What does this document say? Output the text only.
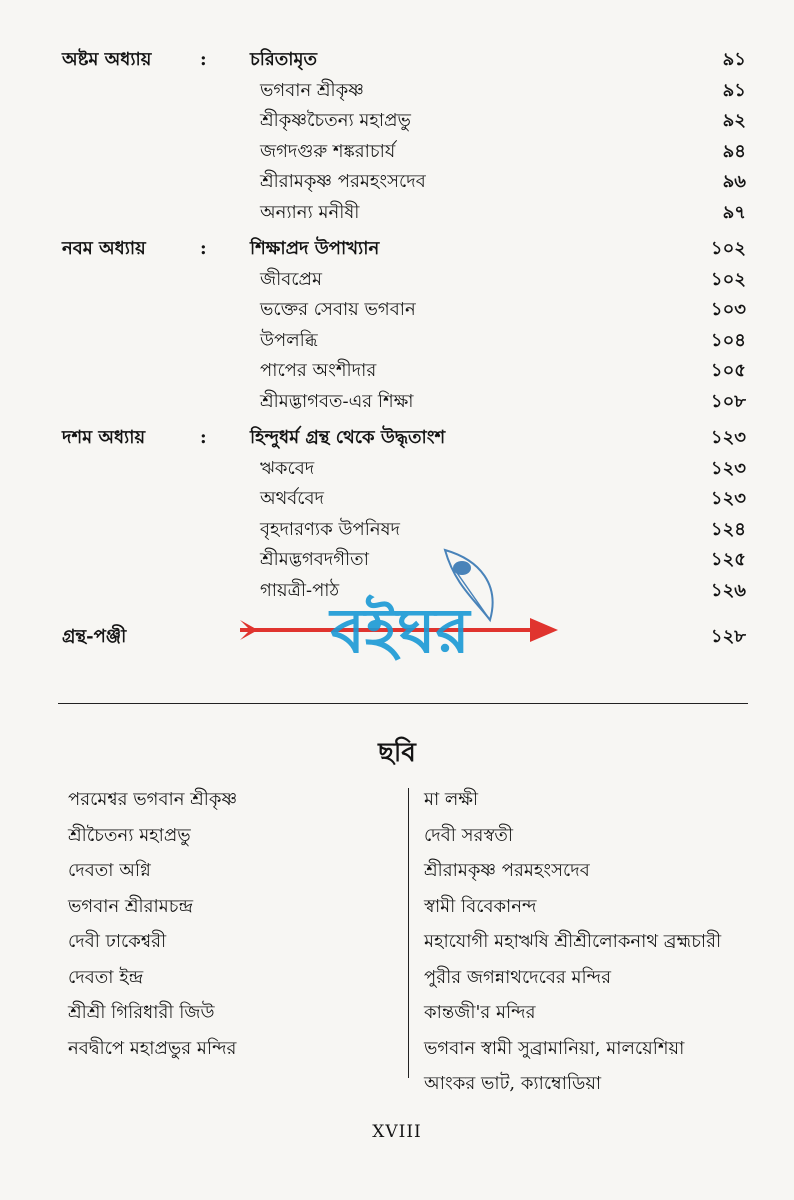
অষ্টম অধ্যায়	: চরিতামৃত	৯১
ভগবান শ্রীকৃষ্ণ	৯১
শ্রীকৃষ্ণচৈতন্য মহাপ্রভু	৯২
জগদগুরু শঙ্করাচার্য	৯৪
শ্রীরামকৃষ্ণ পরমহংসদেব	৯৬
অন্যান্য মনীষী	৯৭
নবম অধ্যায়	: শিক্ষাপ্রদ উপাখ্যান	১০২
জীবপ্রেম	১০২
ভক্তের সেবায় ভগবান	১০৩
উপলব্ধি	১০৪
পাপের অংশীদার	১০৫
শ্রীমদ্ভাগবত-এর শিক্ষা	১০৮
দশম অধ্যায়	: হিন্দুধর্ম গ্রন্থ থেকে উদ্ধৃতাংশ	১২৩
ঋকবেদ	১২৩
অথর্ববেদ	১২৩
বৃহদারণ্যক উপনিষদ	১২৪
শ্রীমদ্ভগবদগীতা	১২৫
গায়ত্রী-পাঠ	১২৬
গ্রন্থ-পঞ্জী	১২৮
ছবি
পরমেশ্বর ভগবান শ্রীকৃষ্ণ
শ্রীচৈতন্য মহাপ্রভু
দেবতা অগ্নি
ভগবান শ্রীরামচন্দ্র
দেবী ঢাকেশ্বরী
দেবতা ইন্দ্র
শ্রীশ্রী গিরিধারী জিউ
নবদ্বীপে মহাপ্রভুর মন্দির
মা লক্ষী
দেবী সরস্বতী
শ্রীরামকৃষ্ণ পরমহংসদেব
স্বামী বিবেকানন্দ
মহাযোগী মহাঋষি শ্রীশ্রীলোকনাথ ব্রহ্মচারী
পুরীর জগন্নাথদেবের মন্দির
কান্তজী'র মন্দির
ভগবান স্বামী সুব্রামানিয়া, মালয়েশিয়া
আংকর ভাট, ক্যাম্বোডিয়া
XVIII
বইঘর
